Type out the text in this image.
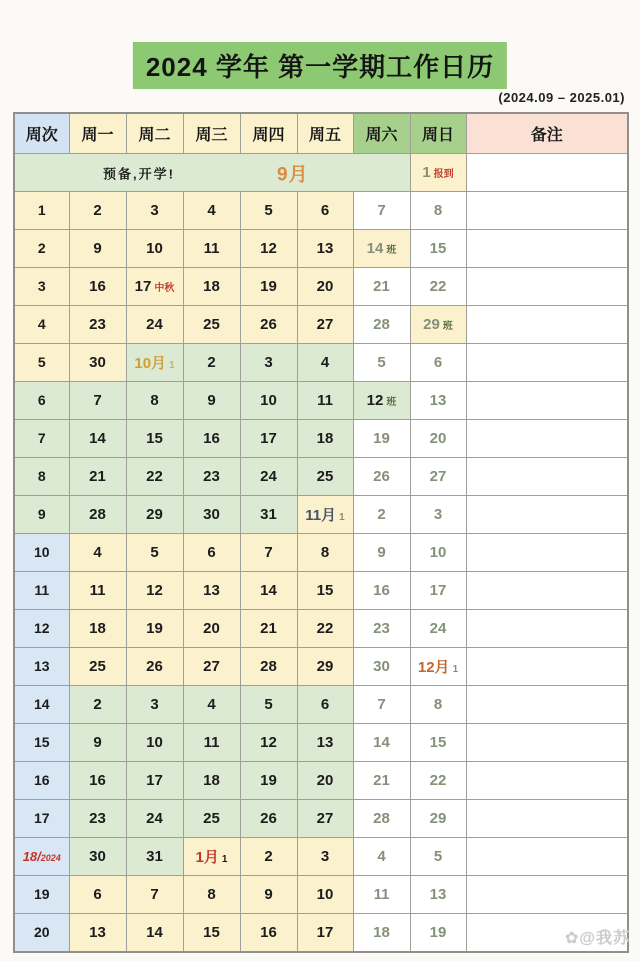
2024 学年 第一学期工作日历
(2024.09 – 2025.01)
周次	周一	周二	周三	周四	周五	周六	周日	备注

预备,开学! 9月							1 报到	
1	2	3	4	5	6	7	8	
2	9	10	11	12	13	14 班	15	
3	16	17 中秋	18	19	20	21	22	
4	23	24	25	26	27	28	29 班	
5	30	10月 1	2	3	4	5	6	
6	7	8	9	10	11	12 班	13	
7	14	15	16	17	18	19	20	
8	21	22	23	24	25	26	27	
9	28	29	30	31	11月 1	2	3	
10	4	5	6	7	8	9	10	
11	11	12	13	14	15	16	17	
12	18	19	20	21	22	23	24	
13	25	26	27	28	29	30	12月 1	
14	2	3	4	5	6	7	8	
15	9	10	11	12	13	14	15	
16	16	17	18	19	20	21	22	
17	23	24	25	26	27	28	29	
18/2024	30	31	1月 1	2	3	4	5	
19	6	7	8	9	10	11	13	
20	13	14	15	16	17	18	19		✿@我苏
